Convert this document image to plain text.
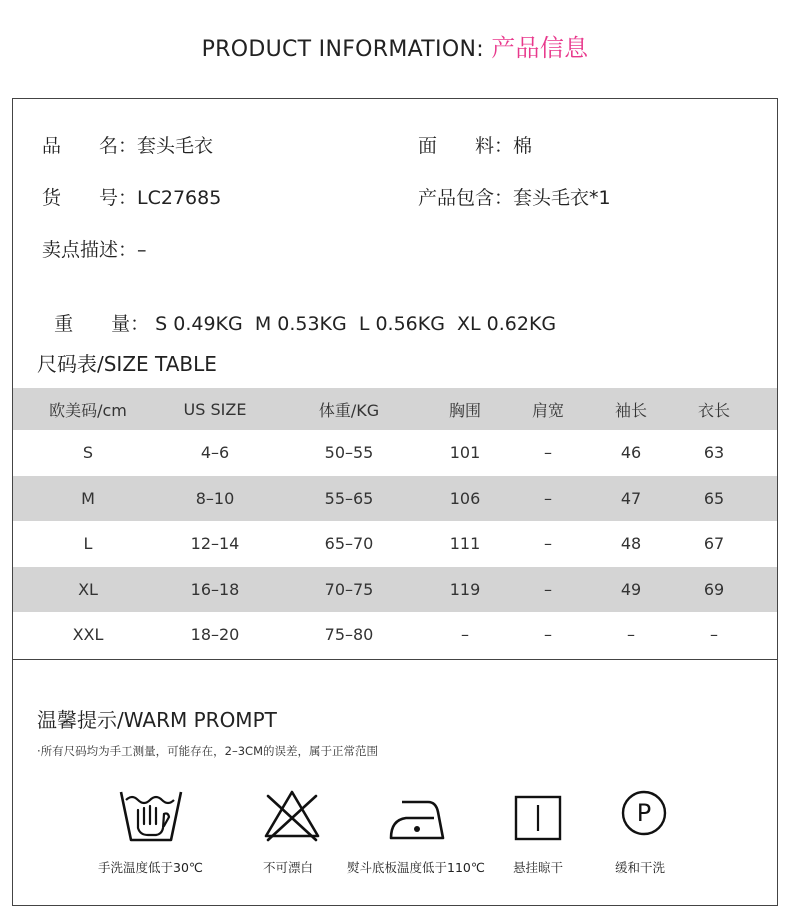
PRODUCT INFORMATION: 产品信息
品　　名：套头毛衣	面　　料：棉
货　　号：LC27685	产品包含：套头毛衣*1
卖点描述：–

重　　量： S 0.49KG  M 0.53KG  L 0.56KG  XL 0.62KG

尺码表/SIZE TABLE
欧美码/cm	US SIZE	体重/KG	胸围	肩宽	袖长	衣长
S	4–6	50–55	101	–	46	63
M	8–10	55–65	106	–	47	65
L	12–14	65–70	111	–	48	67
XL	16–18	70–75	119	–	49	69
XXL	18–20	75–80	–	–	–	–
温馨提示/WARM PROMPT
·所有尺码均为手工测量，可能存在，2–3CM的误差，属于正常范围
P
手洗温度低于30℃	不可漂白	熨斗底板温度低于110℃ 悬挂晾干	缓和干洗
